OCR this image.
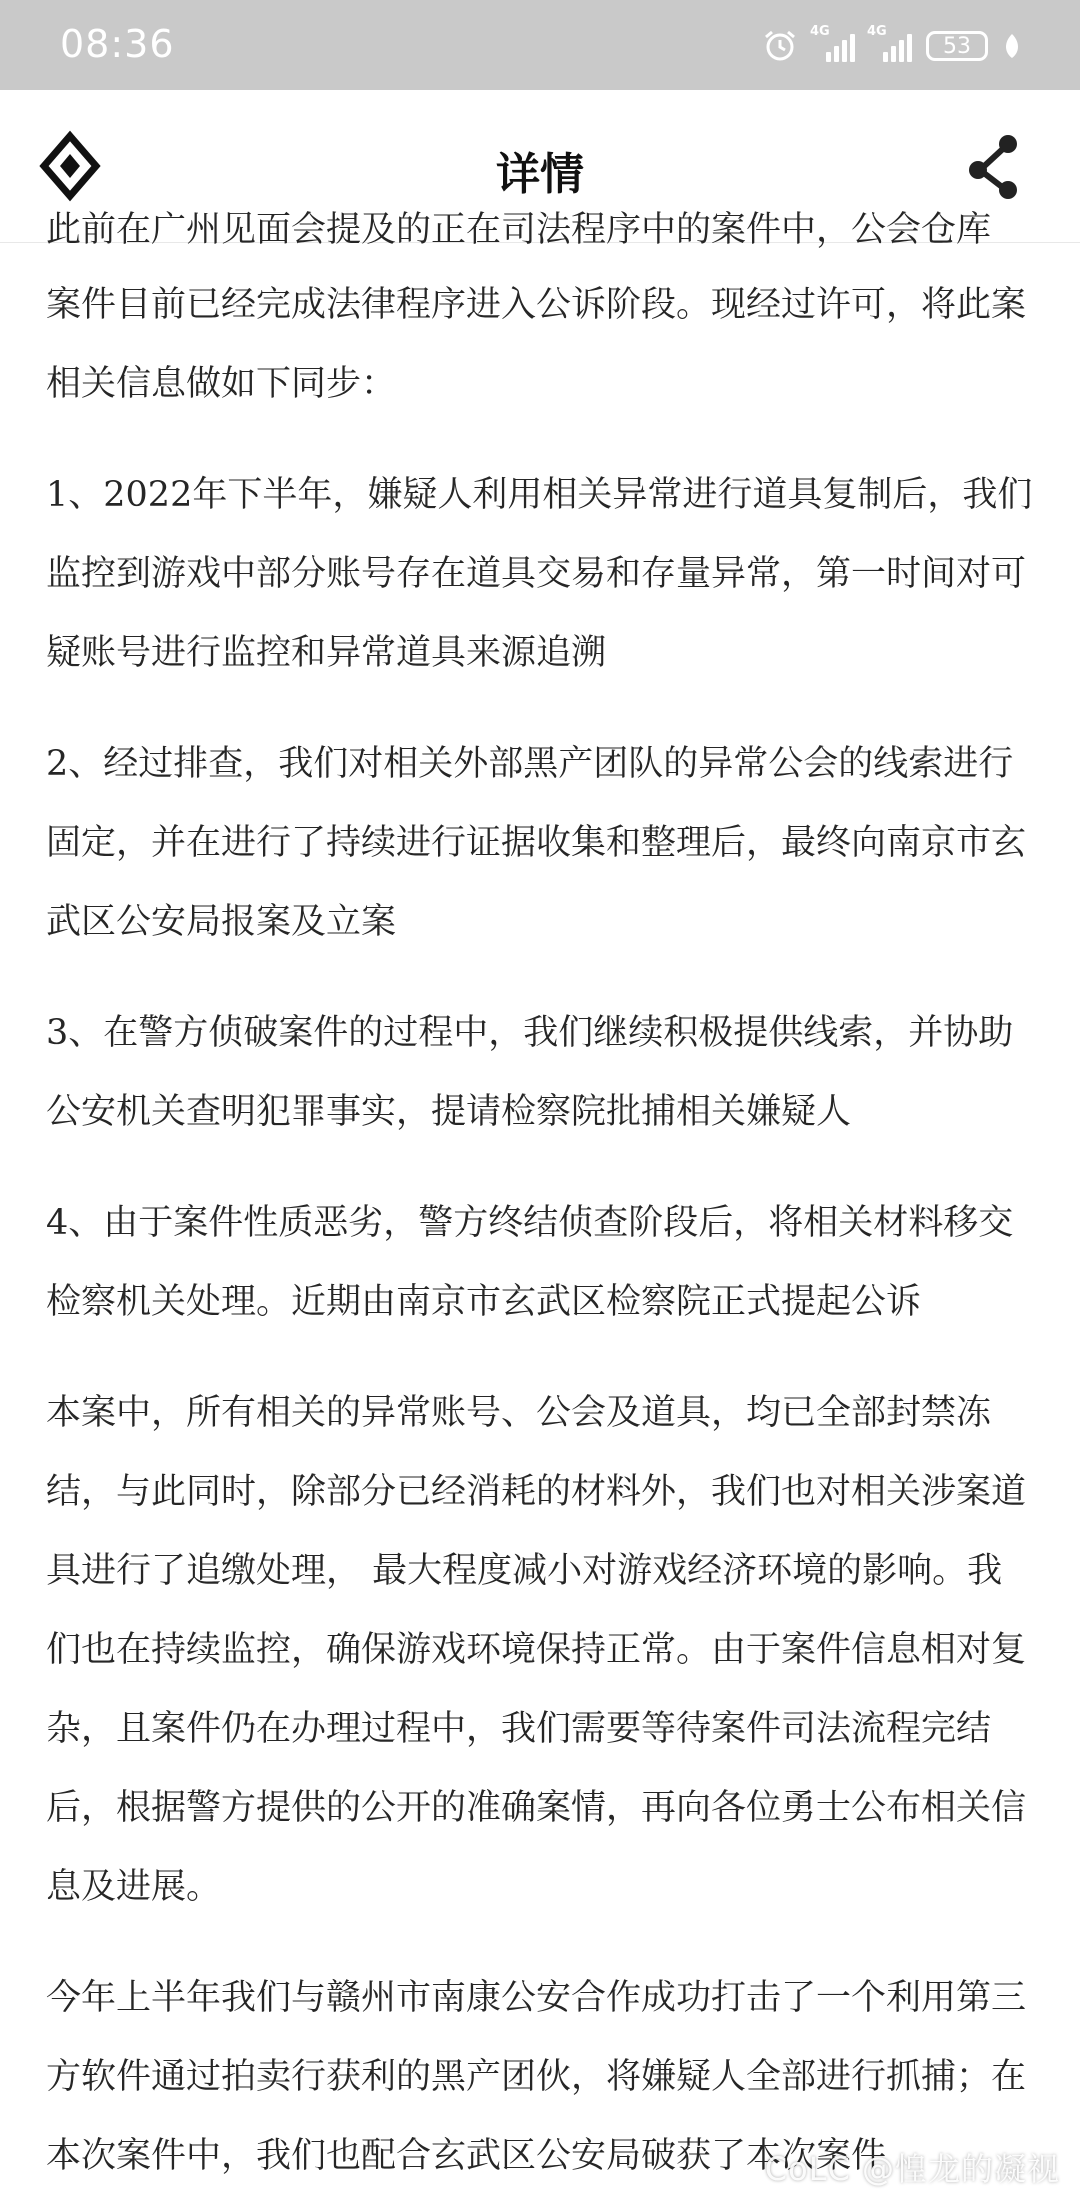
08:36	4G	4G
53
详情
此前在广州见面会提及的正在司法程序中的案件中，公会仓库

案件目前已经完成法律程序进入公诉阶段。现经过许可，将此案相关信息做如下同步：

1、2022年下半年，嫌疑人利用相关异常进行道具复制后，我们监控到游戏中部分账号存在道具交易和存量异常，第一时间对可疑账号进行监控和异常道具来源追溯

2、经过排查，我们对相关外部黑产团队的异常公会的线索进行固定，并在进行了持续进行证据收集和整理后，最终向南京市玄武区公安局报案及立案

3、在警方侦破案件的过程中，我们继续积极提供线索，并协助公安机关查明犯罪事实，提请检察院批捕相关嫌疑人

4、由于案件性质恶劣，警方终结侦查阶段后，将相关材料移交检察机关处理。近期由南京市玄武区检察院正式提起公诉

本案中，所有相关的异常账号、公会及道具，均已全部封禁冻结，与此同时，除部分已经消耗的材料外，我们也对相关涉案道具进行了追缴处理， 最大程度减小对游戏经济环境的影响。我们也在持续监控，确保游戏环境保持正常。由于案件信息相对复杂，且案件仍在办理过程中，我们需要等待案件司法流程完结后，根据警方提供的公开的准确案情，再向各位勇士公布相关信息及进展。

今年上半年我们与赣州市南康公安合作成功打击了一个利用第三方软件通过拍卖行获利的黑产团伙，将嫌疑人全部进行抓捕；在本次案件中，我们也配合玄武区公安局破获了本次案件

CoLC @惶龙的凝视
